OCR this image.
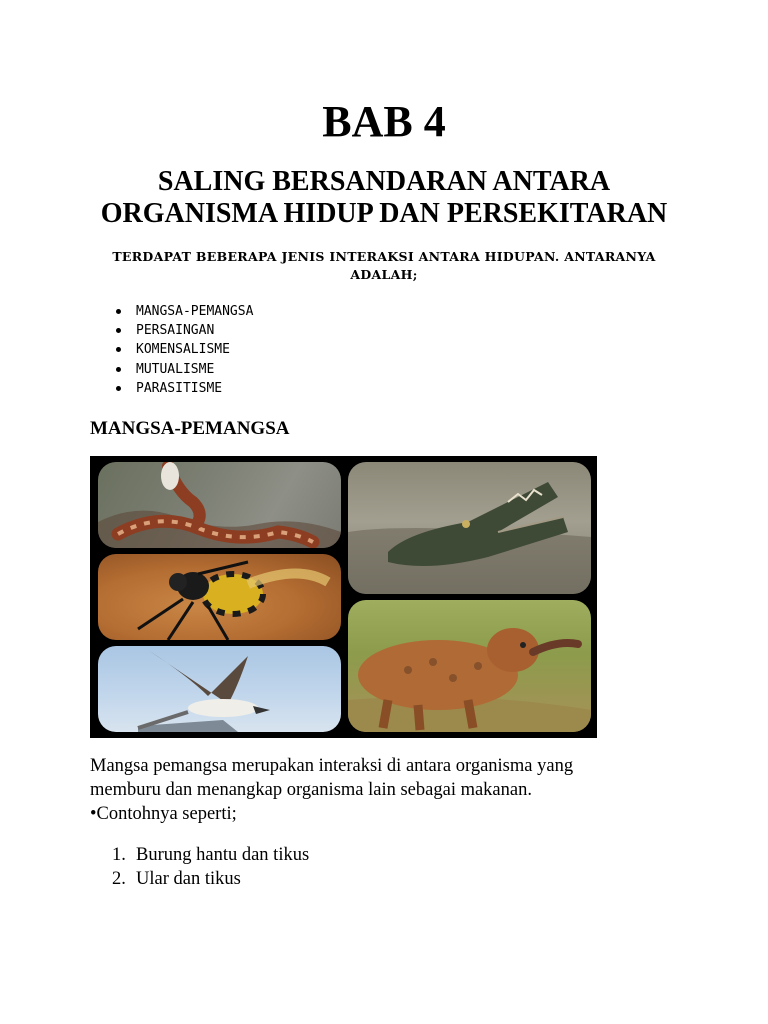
BAB 4
SALING BERSANDARAN ANTARA
ORGANISMA HIDUP DAN PERSEKITARAN
TERDAPAT BEBERAPA JENIS INTERAKSI ANTARA HIDUPAN. ANTARANYA
ADALAH;
MANGSA-PEMANGSA
PERSAINGAN
KOMENSALISME
MUTUALISME
PARASITISME
MANGSA-PEMANGSA

Mangsa pemangsa merupakan interaksi di antara organisma yang

memburu dan menangkap organisma lain sebagai makanan.

•Contohnya seperti;

1. Burung hantu dan tikus
2. Ular dan tikus
